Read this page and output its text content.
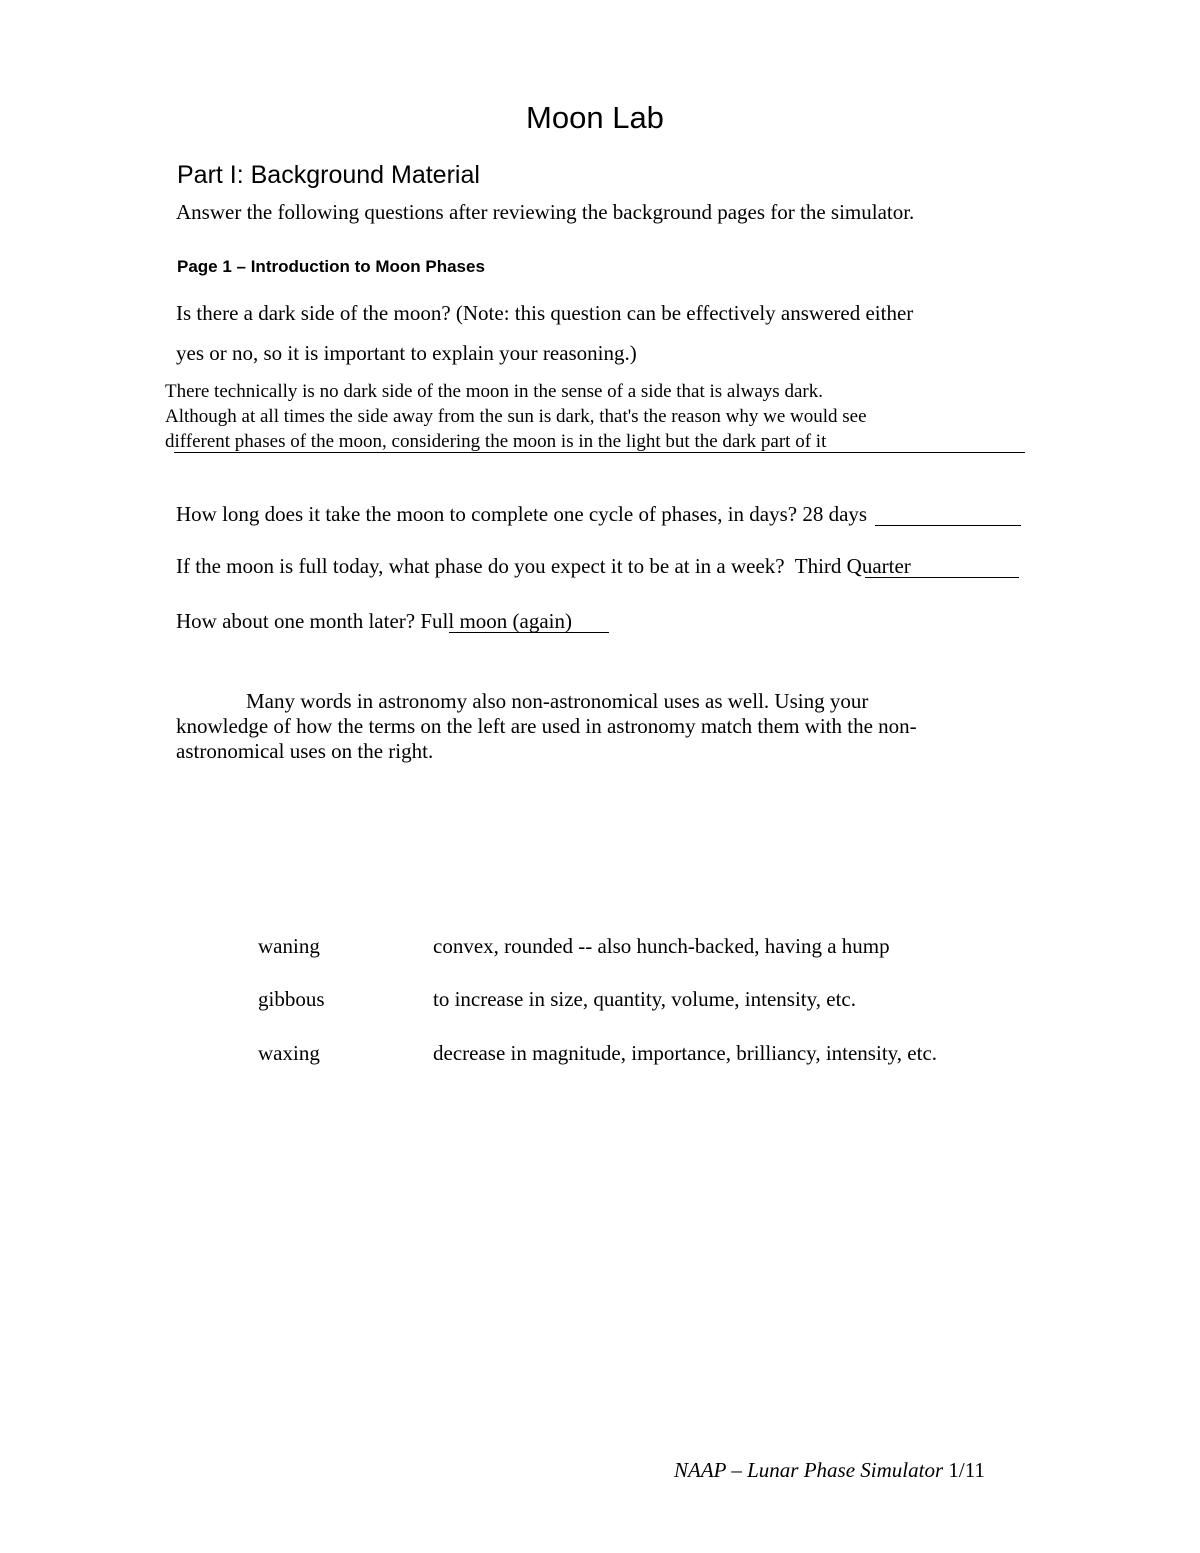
Moon Lab
Part I: Background Material
Answer the following questions after reviewing the background pages for the simulator.
Page 1 – Introduction to Moon Phases
Is there a dark side of the moon? (Note: this question can be effectively answered either
yes or no, so it is important to explain your reasoning.)
There technically is no dark side of the moon in the sense of a side that is always dark.
Although at all times the side away from the sun is dark, that's the reason why we would see
different phases of the moon, considering the moon is in the light but the dark part of it
How long does it take the moon to complete one cycle of phases, in days? 28 days
If the moon is full today, what phase do you expect it to be at in a week? Third Quarter
How about one month later? Full moon (again)
Many words in astronomy also non-astronomical uses as well. Using your
knowledge of how the terms on the left are used in astronomy match them with the non-
astronomical uses on the right.
waning	convex, rounded -- also hunch-backed, having a hump
gibbous	to increase in size, quantity, volume, intensity, etc.
waxing	decrease in magnitude, importance, brilliancy, intensity, etc.
NAAP – Lunar Phase Simulator 1/11
